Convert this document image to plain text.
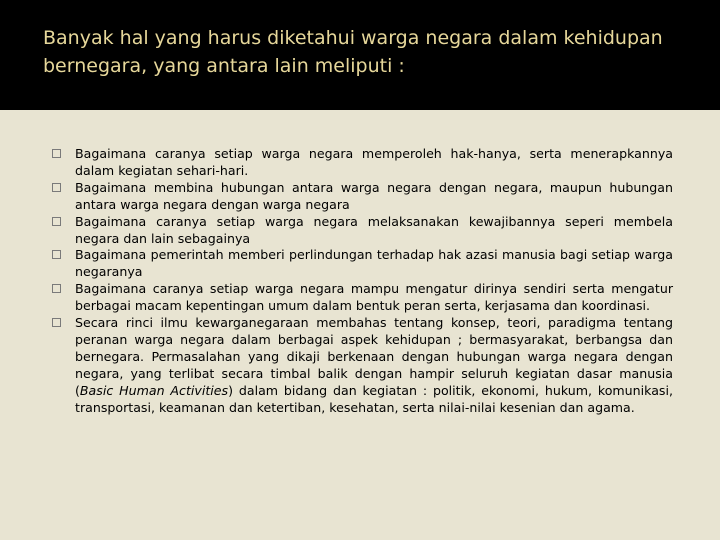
Banyak hal yang harus diketahui warga negara dalam kehidupan bernegara, yang antara lain meliputi :
Bagaimana caranya setiap warga negara memperoleh hak-hanya, serta menerapkannya dalam kegiatan sehari-hari.
Bagaimana membina hubungan antara warga negara dengan negara, maupun hubungan antara warga negara dengan warga negara
Bagaimana caranya setiap warga negara melaksanakan kewajibannya seperi membela negara dan lain sebagainya
Bagaimana pemerintah memberi perlindungan terhadap hak azasi manusia bagi setiap warga negaranya
Bagaimana caranya setiap warga negara mampu mengatur dirinya sendiri serta mengatur berbagai macam kepentingan umum dalam bentuk peran serta, kerjasama dan koordinasi.
Secara rinci ilmu kewarganegaraan membahas tentang konsep, teori, paradigma tentang peranan warga negara dalam berbagai aspek kehidupan ; bermasyarakat, berbangsa dan bernegara. Permasalahan yang dikaji berkenaan dengan hubungan warga negara dengan negara, yang terlibat secara timbal balik dengan hampir seluruh kegiatan dasar manusia (Basic Human Activities) dalam bidang dan kegiatan : politik, ekonomi, hukum, komunikasi, transportasi, keamanan dan ketertiban, kesehatan, serta nilai-nilai kesenian dan agama.
